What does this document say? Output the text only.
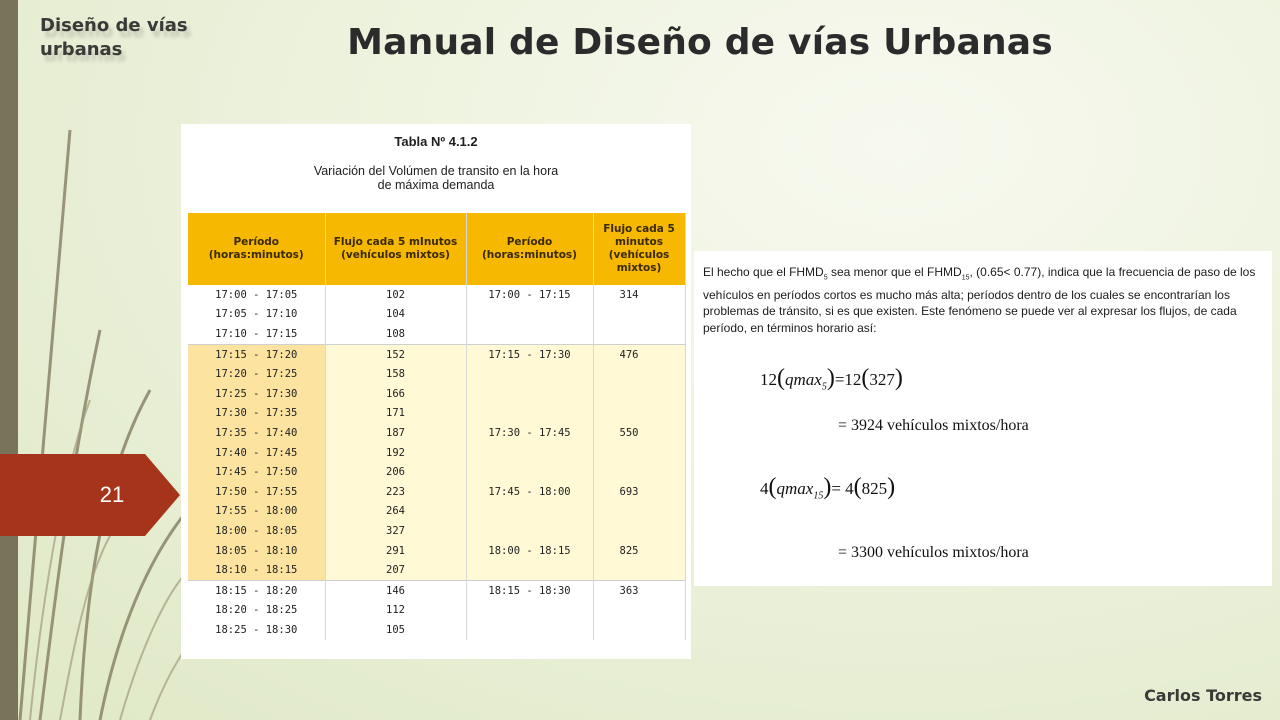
Diseño de vías urbanas	Manual de Diseño de vías Urbanas
21
Carlos Torres
Tabla Nº 4.1.2
Variación del Volúmen de transito en la hora
de máxima demanda
Período (horas:minutos)	Flujo cada 5 mInutos (vehículos mixtos)	Período (horas:minutos)	Flujo cada 5 minutos (vehículos mixtos)
17:00 - 17:05	102	17:00 - 17:15	314
17:05 - 17:10	104		
17:10 - 17:15	108		
17:15 - 17:20	152	17:15 - 17:30	476
17:20 - 17:25	158		
17:25 - 17:30	166		
17:30 - 17:35	171		
17:35 - 17:40	187	17:30 - 17:45	550
17:40 - 17:45	192		
17:45 - 17:50	206		
17:50 - 17:55	223	17:45 - 18:00	693
17:55 - 18:00	264		
18:00 - 18:05	327		
18:05 - 18:10	291	18:00 - 18:15	825
18:10 - 18:15	207		
18:15 - 18:20	146	18:15 - 18:30	363
18:20 - 18:25	112		
18:25 - 18:30	105		
El hecho que el $FHMD_5$ sea menor que el $FHMD_{15}$, (0.65< 0.77), indica que la frecuencia de paso de los vehículos en períodos cortos es mucho más alta; períodos dentro de los cuales se encontrarían los problemas de tránsito, si es que existen. Este fenómeno se puede ver al expresar los flujos, de cada período, en términos horario así:
12(qmax$_5$)=12(327)
= 3924 vehículos mixtos/hora
4(qmax$_{15}$)= 4(825)
= 3300 vehículos mixtos/hora
